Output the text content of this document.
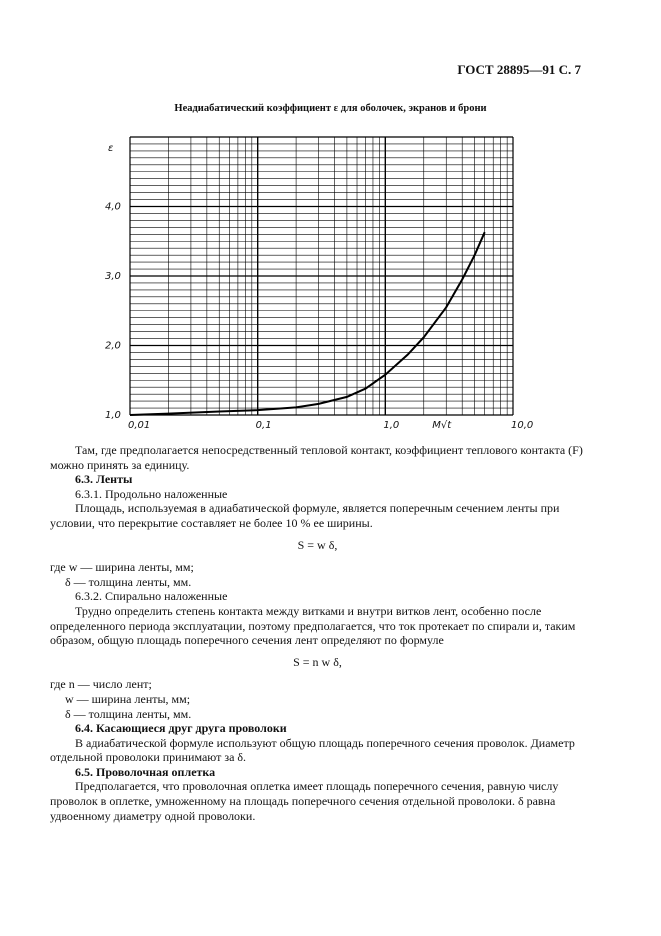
ГОСТ 28895—91 С. 7
Неадиабатический коэффициент ε для оболочек, экранов и брони
0,01	0,1	1,0	10,0
1,0
2,0
3,0
4,0
ε
M√t

Там, где предполагается непосредственный тепловой контакт, коэффициент теплового контакта (F) можно принять за единицу.

6.3. Ленты

6.3.1. Продольно наложенные

Площадь, используемая в адиабатической формуле, является поперечным сечением ленты при условии, что перекрытие составляет не более 10 % ее ширины.

S = w δ,

где w — ширина ленты, мм;

δ — толщина ленты, мм.

6.3.2. Спирально наложенные

Трудно определить степень контакта между витками и внутри витков лент, особенно после определенного периода эксплуатации, поэтому предполагается, что ток протекает по спирали и, таким образом, общую площадь поперечного сечения лент определяют по формуле

S = n w δ,

где n — число лент;

w — ширина ленты, мм;

δ — толщина ленты, мм.

6.4. Касающиеся друг друга проволоки

В адиабатической формуле используют общую площадь поперечного сечения проволок. Диаметр отдельной проволоки принимают за δ.

6.5. Проволочная оплетка

Предполагается, что проволочная оплетка имеет площадь поперечного сечения, равную числу проволок в оплетке, умноженному на площадь поперечного сечения отдельной проволоки. δ равна удвоенному диаметру одной проволоки.
